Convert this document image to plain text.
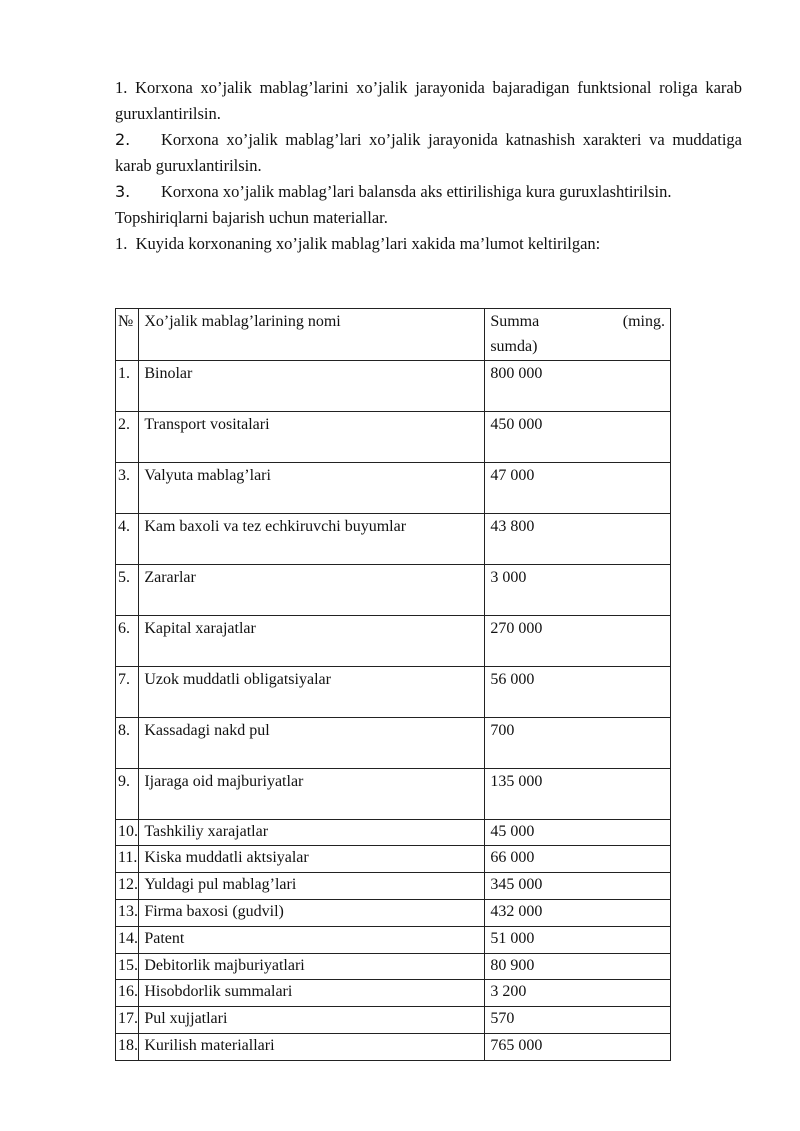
1. Korxona xo’jalik mablag’larini xo’jalik jarayonida bajaradigan funktsional roliga karab guruxlantirilsin.

2. Korxona xo’jalik mablag’lari xo’jalik jarayonida katnashish xarakteri va muddatiga karab guruxlantirilsin.

3. Korxona xo’jalik mablag’lari balansda aks ettirilishiga kura guruxlashtirilsin.

Topshiriqlarni bajarish uchun materiallar.

1.  Kuyida korxonaning xo’jalik mablag’lari xakida ma’lumot keltirilgan:

№	Xo’jalik mablag’larining nomi	Summa (ming.
sumda)

1.	Binolar	800 000
2.	Transport vositalari	450 000
3.	Valyuta mablag’lari	47 000
4.	Kam baxoli va tez echkiruvchi buyumlar	43 800
5.	Zararlar	3 000
6.	Kapital xarajatlar	270 000
7.	Uzok muddatli obligatsiyalar	56 000
8.	Kassadagi nakd pul	700
9.	Ijaraga oid majburiyatlar	135 000
10.	Tashkiliy xarajatlar	45 000
11.	Kiska muddatli aktsiyalar	66 000
12.	Yuldagi pul mablag’lari	345 000
13.	Firma baxosi (gudvil)	432 000
14.	Patent	51 000
15.	Debitorlik majburiyatlari	80 900
16.	Hisobdorlik summalari	3 200
17.	Pul xujjatlari	570
18.	Kurilish materiallari	765 000
